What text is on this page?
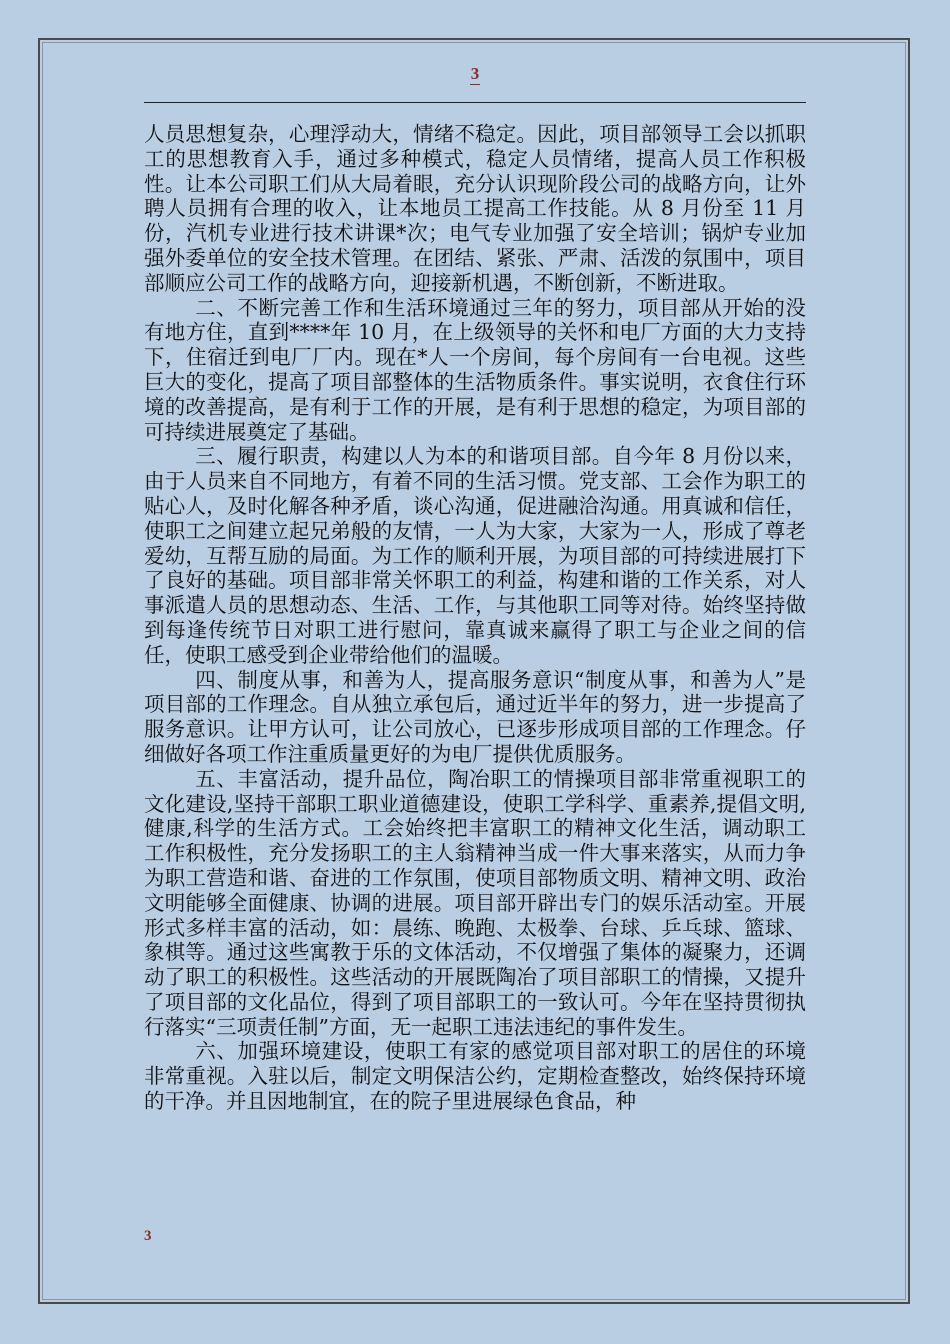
3

人员思想复杂，心理浮动大，情绪不稳定。因此，项目部领导工会以抓职工的思想教育入手，通过多种模式，稳定人员情绪，提高人员工作积极性。让本公司职工们从大局着眼，充分认识现阶段公司的战略方向，让外聘人员拥有合理的收入，让本地员工提高工作技能。从 8 月份至 11 月份，汽机专业进行技术讲课*次；电气专业加强了安全培训；锅炉专业加强外委单位的安全技术管理。在团结、紧张、严肃、活泼的氛围中，项目部顺应公司工作的战略方向，迎接新机遇，不断创新，不断进取。

二、不断完善工作和生活环境通过三年的努力，项目部从开始的没有地方住，直到****年 10 月，在上级领导的关怀和电厂方面的大力支持下，住宿迁到电厂厂内。现在*人一个房间，每个房间有一台电视。这些巨大的变化，提高了项目部整体的生活物质条件。事实说明，衣食住行环境的改善提高，是有利于工作的开展，是有利于思想的稳定，为项目部的可持续进展奠定了基础。

三、履行职责，构建以人为本的和谐项目部。自今年 8 月份以来，由于人员来自不同地方，有着不同的生活习惯。党支部、工会作为职工的贴心人，及时化解各种矛盾，谈心沟通，促进融洽沟通。用真诚和信任，使职工之间建立起兄弟般的友情，一人为大家，大家为一人，形成了尊老爱幼，互帮互励的局面。为工作的顺利开展，为项目部的可持续进展打下了良好的基础。项目部非常关怀职工的利益，构建和谐的工作关系，对人事派遣人员的思想动态、生活、工作，与其他职工同等对待。始终坚持做到每逢传统节日对职工进行慰问，靠真诚来赢得了职工与企业之间的信任，使职工感受到企业带给他们的温暖。

四、制度从事，和善为人，提高服务意识“制度从事，和善为人”是项目部的工作理念。自从独立承包后，通过近半年的努力，进一步提高了服务意识。让甲方认可，让公司放心，已逐步形成项目部的工作理念。仔细做好各项工作注重质量更好的为电厂提供优质服务。

五、丰富活动，提升品位，陶冶职工的情操项目部非常重视职工的文化建设,坚持干部职工职业道德建设，使职工学科学、重素养,提倡文明,健康,科学的生活方式。工会始终把丰富职工的精神文化生活，调动职工工作积极性，充分发扬职工的主人翁精神当成一件大事来落实，从而力争为职工营造和谐、奋进的工作氛围，使项目部物质文明、精神文明、政治文明能够全面健康、协调的进展。项目部开辟出专门的娱乐活动室。开展形式多样丰富的活动，如：晨练、晚跑、太极拳、台球、乒乓球、篮球、象棋等。通过这些寓教于乐的文体活动，不仅增强了集体的凝聚力，还调动了职工的积极性。这些活动的开展既陶冶了项目部职工的情操，又提升了项目部的文化品位，得到了项目部职工的一致认可。今年在坚持贯彻执行落实“三项责任制”方面，无一起职工违法违纪的事件发生。

六、加强环境建设，使职工有家的感觉项目部对职工的居住的环境非常重视。入驻以后，制定文明保洁公约，定期检查整改，始终保持环境的干净。并且因地制宜，在的院子里进展绿色食品，种

3
